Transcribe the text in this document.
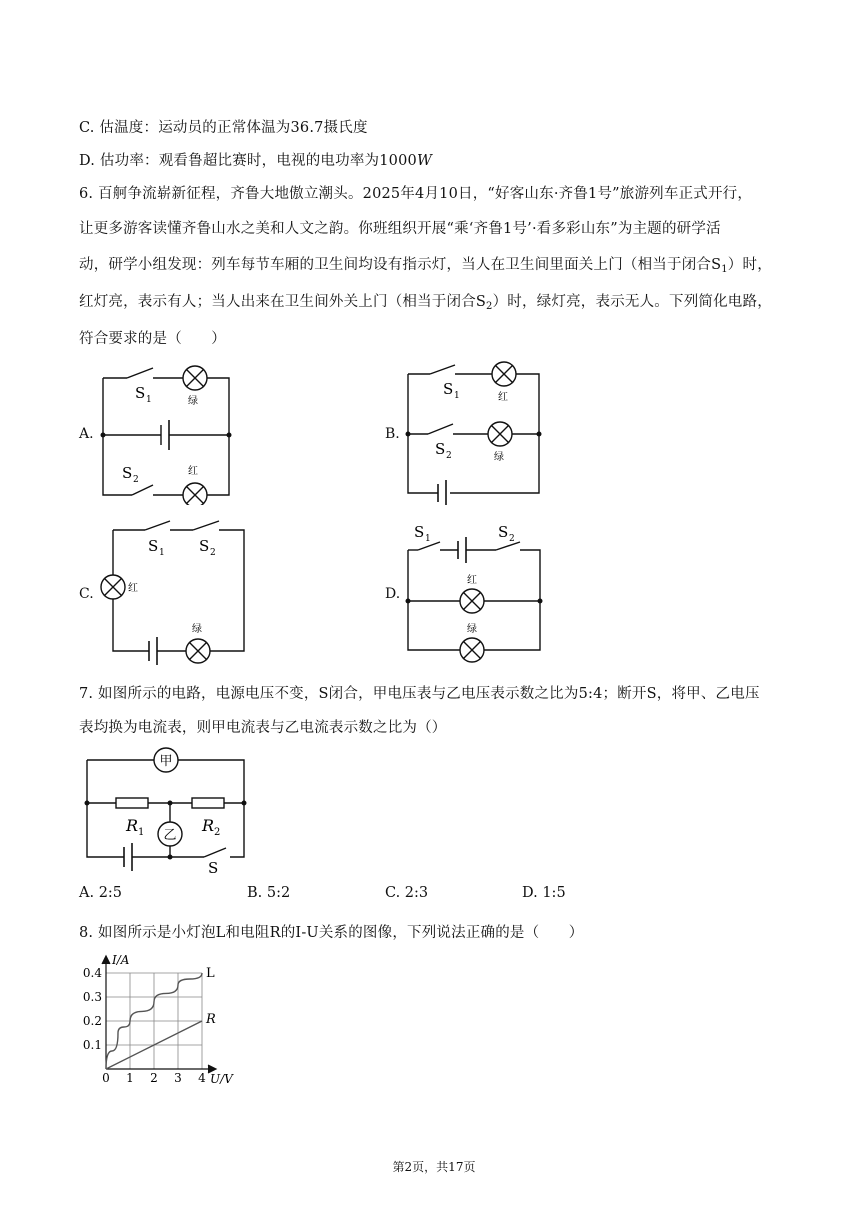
C. 估温度：运动员的正常体温为36.7摄氏度
D. 估功率：观看鲁超比赛时，电视的电功率为1000W
6. 百舸争流崭新征程，齐鲁大地傲立潮头。2025年4月10日，“好客山东·齐鲁1号”旅游列车正式开行，
让更多游客读懂齐鲁山水之美和人文之韵。你班组织开展“乘‘齐鲁1号’·看多彩山东”为主题的研学活
动，研学小组发现：列车每节车厢的卫生间均设有指示灯，当人在卫生间里面关上门（相当于闭合$S_1$）时，
红灯亮，表示有人；当人出来在卫生间外关上门（相当于闭合$S_2$）时，绿灯亮，表示无人。下列简化电路，
符合要求的是（　　）
A.	B.
C.	D.
S 1	绿
S 2
红
S 1	红
S 2	绿
S 1 S 2
红
绿
S 1	S 2
红
绿
7. 如图所示的电路，电源电压不变，S闭合，甲电压表与乙电压表示数之比为5:4；断开S，将甲、乙电压
表均换为电流表，则甲电流表与乙电流表示数之比为（）
甲
乙
R 1	R 2
S
A. 2:5	B. 5:2	C. 2:3	D. 1:5
8. 如图所示是小灯泡L和电阻R的I-U关系的图像，下列说法正确的是（　　）
L
R
0 1 2 3 4
0.1
0.2
0.3
0.4
I/A
U/V
第2页，共17页
